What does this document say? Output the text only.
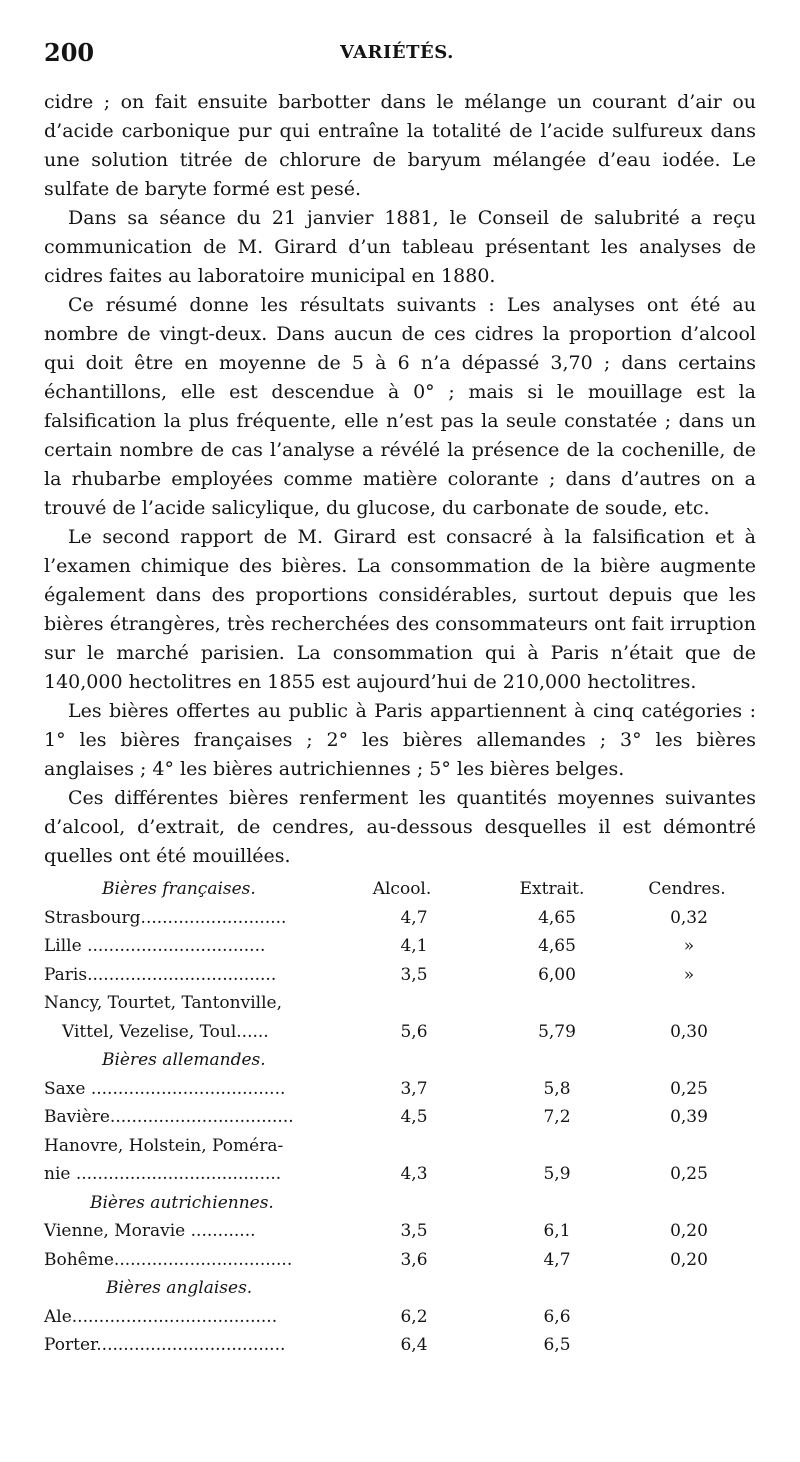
200	VARIÉTÉS.

cidre ; on fait ensuite barbotter dans le mélange un courant d’air ou d’acide carbonique pur qui entraîne la totalité de l’acide sulfureux dans une solution titrée de chlorure de baryum mélangée d’eau iodée. Le sulfate de baryte formé est pesé.

Dans sa séance du 21 janvier 1881, le Conseil de salubrité a reçu communication de M. Girard d’un tableau présentant les analyses de cidres faites au laboratoire municipal en 1880.

Ce résumé donne les résultats suivants : Les analyses ont été au nombre de vingt-deux. Dans aucun de ces cidres la proportion d’alcool qui doit être en moyenne de 5 à 6 n’a dépassé 3,70 ; dans certains échantillons, elle est descendue à 0° ; mais si le mouillage est la falsification la plus fréquente, elle n’est pas la seule constatée ; dans un certain nombre de cas l’analyse a révélé la présence de la cochenille, de la rhubarbe employées comme matière colorante ; dans d’autres on a trouvé de l’acide salicylique, du glucose, du carbonate de soude, etc.

Le second rapport de M. Girard est consacré à la falsification et à l’examen chimique des bières. La consommation de la bière augmente également dans des proportions considérables, surtout depuis que les bières étrangères, très recherchées des consommateurs ont fait irruption sur le marché parisien. La consommation qui à Paris n’était que de 140,000 hectolitres en 1855 est aujourd’hui de 210,000 hectolitres.

Les bières offertes au public à Paris appartiennent à cinq catégories : 1° les bières françaises ; 2° les bières allemandes ; 3° les bières anglaises ; 4° les bières autrichiennes ; 5° les bières belges.

Ces différentes bières renferment les quantités moyennes suivantes d’alcool, d’extrait, de cendres, au-dessous desquelles il est démontré quelles ont été mouillées.

Bières françaises.	Alcool.	Extrait.	Cendres.
Strasbourg...........................	4,7	4,65	0,32
Lille .................................	4,1	4,65	»
Paris...................................	3,5	6,00	»
Nancy, Tourtet, Tantonville,
Vittel, Vezelise, Toul......	5,6	5,79	0,30
Bières allemandes.
Saxe ....................................	3,7	5,8	0,25
Bavière..................................	4,5	7,2	0,39
Hanovre, Holstein, Poméra-
nie ......................................	4,3	5,9	0,25
Bières autrichiennes.
Vienne, Moravie ............	3,5	6,1	0,20
Bohême.................................	3,6	4,7	0,20
Bières anglaises.
Ale......................................	6,2	6,6
Porter...................................	6,4	6,5
